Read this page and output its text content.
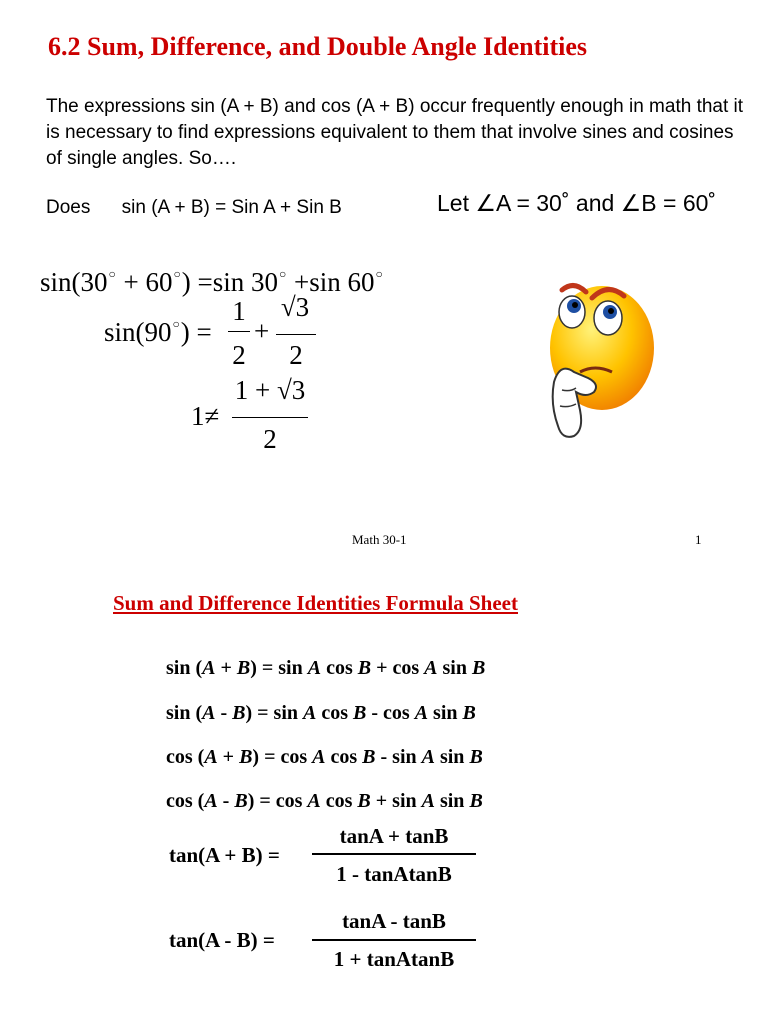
6.2 Sum, Difference, and Double Angle Identities
The expressions sin (A + B) and cos (A + B) occur frequently enough in math that it is necessary to find expressions equivalent to them that involve sines and cosines of single angles. So….
Does sin (A + B) = Sin A + Sin B	Let ∠A = 30˚ and ∠B = 60˚
sin(30○ + 60○) =sin 30○ +sin 60○
sin(90○) =
1
2
+
√3
2
1≠
1 + √3
2
Math 30-1	1
Sum and Difference Identities Formula Sheet
sin (A + B) = sin A cos B + cos A sin B
sin (A - B) = sin A cos B - cos A sin B
cos (A + B) = cos A cos B - sin A sin B
cos (A - B) = cos A cos B + sin A sin B
tan(A + B) =
tanA + tanB
1 - tanAtanB
tan(A - B) =
tanA - tanB
1 + tanAtanB
